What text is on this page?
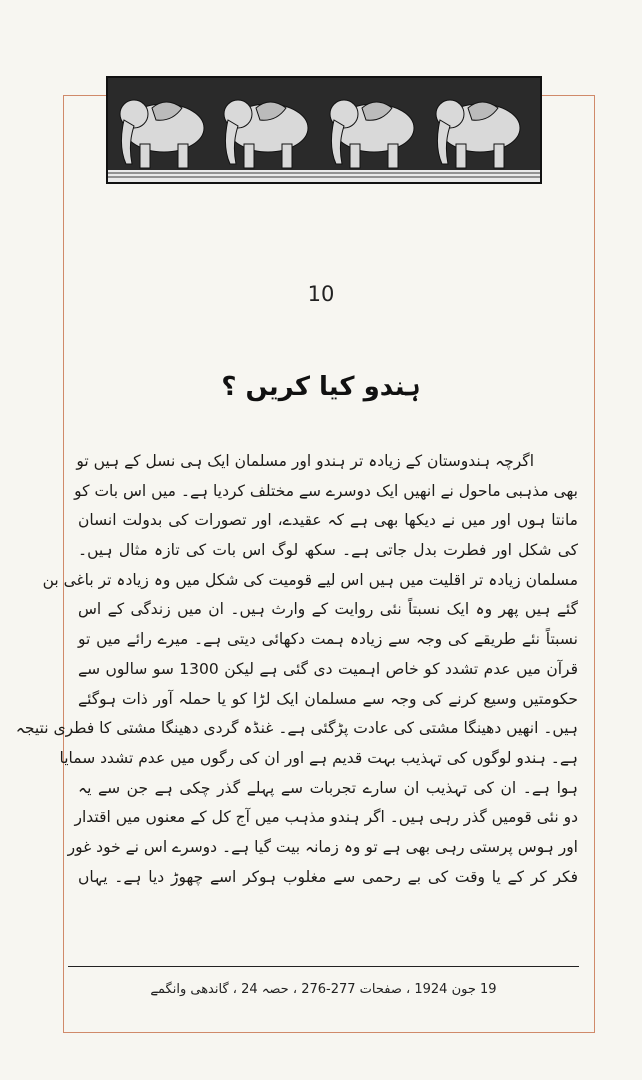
10
ہندو کیا کریں ؟
اگرچہ ہندوستان کے زیادہ تر ہندو اور مسلمان ایک ہی نسل کے ہیں تو
بھی مذہبی ماحول نے انھیں ایک دوسرے سے مختلف کردیا ہے۔ میں اس بات کو
مانتا ہوں اور میں نے دیکھا بھی ہے کہ عقیدے، اور تصورات کی بدولت انسان
کی شکل اور فطرت بدل جاتی ہے۔ سکھ لوگ اس بات کی تازہ مثال ہیں۔
مسلمان زیادہ تر اقلیت میں ہیں اس لیے قومیت کی شکل میں وہ زیادہ تر باغی بن
گئے ہیں پھر وہ ایک نسبتاً نئی روایت کے وارث ہیں۔ ان میں زندگی کے اس
نسبتاً نئے طریقے کی وجہ سے زیادہ ہمت دکھائی دیتی ہے۔ میرے رائے میں تو
قرآن میں عدم تشدد کو خاص اہمیت دی گئی ہے لیکن 1300 سو سالوں سے
حکومتیں وسیع کرنے کی وجہ سے مسلمان ایک لڑا کو یا حملہ آور ذات ہوگئے
ہیں۔ انھیں دھینگا مشتی کی عادت پڑگئی ہے۔ غنڈہ گردی دھینگا مشتی کا فطری نتیجہ
ہے۔ ہندو لوگوں کی تہذیب بہت قدیم ہے اور ان کی رگوں میں عدم تشدد سمایا
ہوا ہے۔ ان کی تہذیب ان سارے تجربات سے پہلے گذر چکی ہے جن سے یہ
دو نئی قومیں گذر رہی ہیں۔ اگر ہندو مذہب میں آج کل کے معنوں میں اقتدار
اور ہوس پرستی رہی بھی ہے تو وہ زمانہ بیت گیا ہے۔ دوسرے اس نے خود غور
فکر کر کے یا وقت کی بے رحمی سے مغلوب ہوکر اسے چھوڑ دیا ہے۔ یہاں
19 جون 1924 ، صفحات 277-276 ، حصہ 24 ، گاندھی وانگمے
